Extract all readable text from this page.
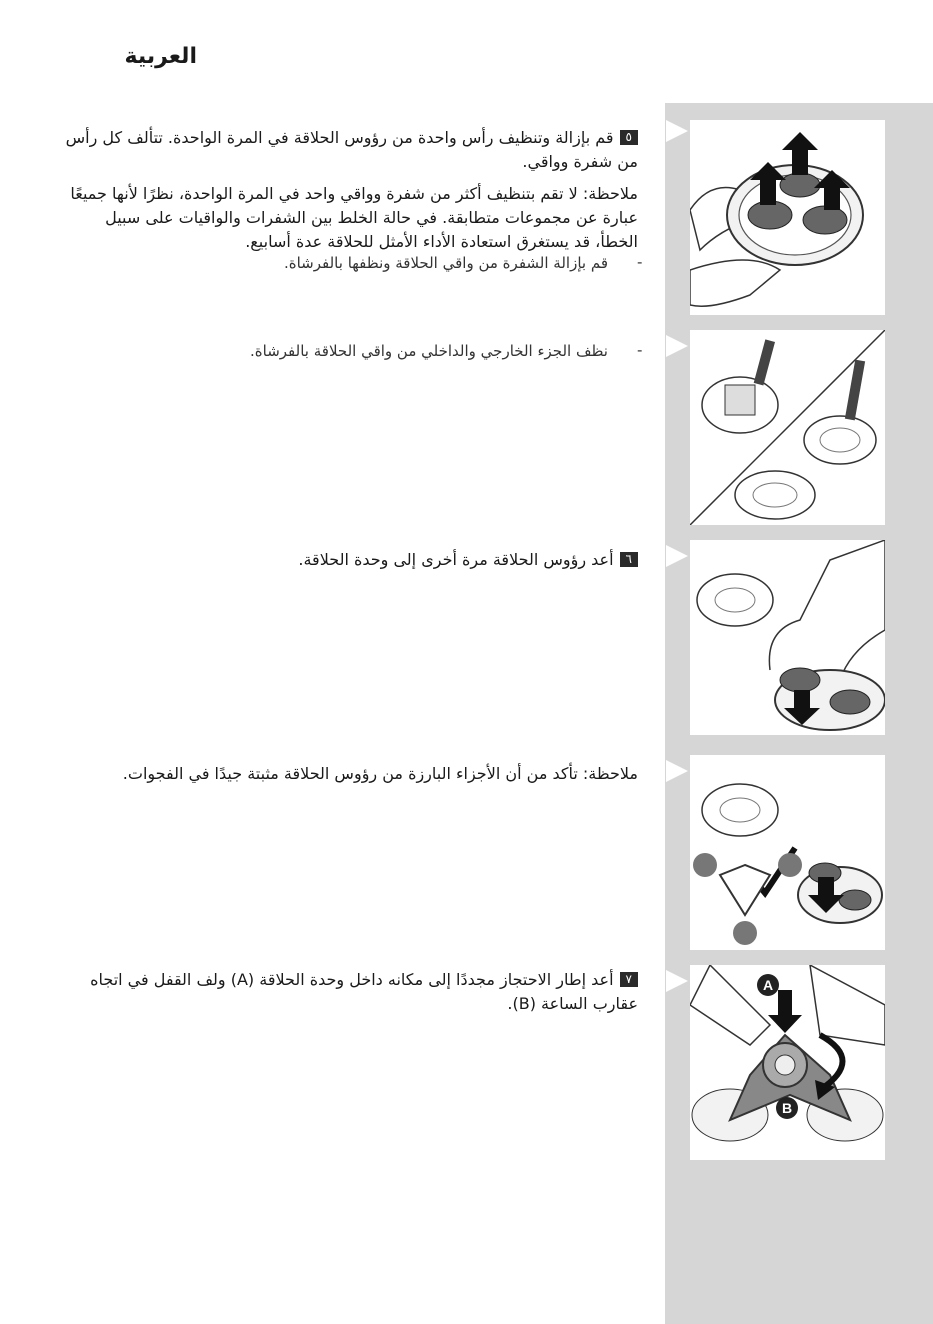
العربية
٥قم بإزالة وتنظيف رأس واحدة من رؤوس الحلاقة في المرة الواحدة. تتألف كل رأس من شفرة وواقي.
ملاحظة: لا تقم بتنظيف أكثر من شفرة وواقي واحد في المرة الواحدة، نظرًا لأنها جميعًا عبارة عن مجموعات متطابقة. في حالة الخلط بين الشفرات والواقيات على سبيل الخطأ، قد يستغرق استعادة الأداء الأمثل للحلاقة عدة أسابيع.
-
قم بإزالة الشفرة من واقي الحلاقة ونظفها بالفرشاة.
-
نظف الجزء الخارجي والداخلي من واقي الحلاقة بالفرشاة.
٦أعد رؤوس الحلاقة مرة أخرى إلى وحدة الحلاقة.
ملاحظة: تأكد من أن الأجزاء البارزة من رؤوس الحلاقة مثبتة جيدًا في الفجوات.
٧أعد إطار الاحتجاز مجددًا إلى مكانه داخل وحدة الحلاقة (A) ولف القفل في اتجاه عقارب الساعة (B).
A
B
